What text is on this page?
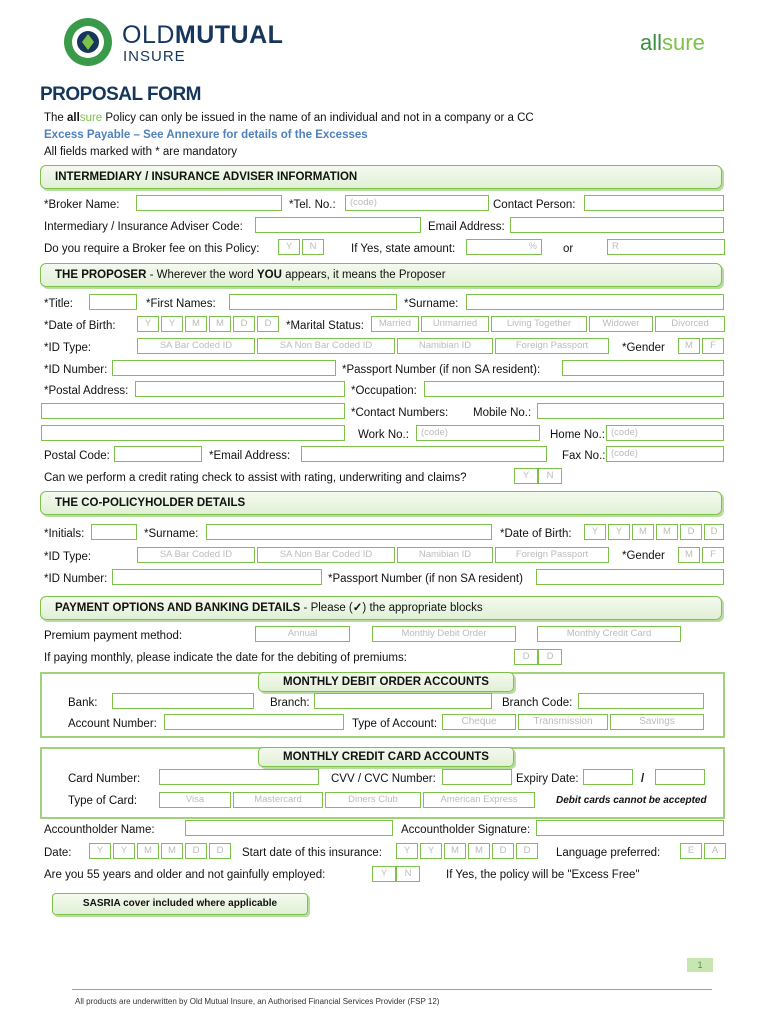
OLDMUTUAL
INSURE
allsure
PROPOSAL FORM
The allsure Policy can only be issued in the name of an individual and not in a company or a CC
Excess Payable – See Annexure for details of the Excesses
All fields marked with * are mandatory
INTERMEDIARY / INSURANCE ADVISER INFORMATION
*Broker Name:	*Tel. No.:	(code)	Contact Person:
Intermediary / Insurance Adviser Code:	Email Address:
Do you require a Broker fee on this Policy:	Y	N	If Yes, state amount:	%	or	R
THE PROPOSER - Wherever the word YOU appears, it means the Proposer
*Title:	*First Names:	*Surname:
*Date of Birth:	Y	Y	M	M	D	D	*Marital Status:	Married	Unmarried	Living Together	Widower	Divorced
*ID Type:	SA Bar Coded ID	SA Non Bar Coded ID	Namibian ID	Foreign Passport	*Gender	M	F
*ID Number:	*Passport Number (if non SA resident):
*Postal Address:	*Occupation:
*Contact Numbers: Mobile No.:
Work No.:	(code)	Home No.: (code)
Postal Code:	*Email Address:	Fax No.: (code)
Can we perform a credit rating check to assist with rating, underwriting and claims?	Y	N
THE CO-POLICYHOLDER DETAILS
*Initials:	*Surname:	*Date of Birth:	Y	Y	M	M	D	D
*ID Type:	SA Bar Coded ID	SA Non Bar Coded ID	Namibian ID	Foreign Passport	*Gender	M	F
*ID Number:	*Passport Number (if non SA resident)
PAYMENT OPTIONS AND BANKING DETAILS - Please (✓) the appropriate blocks
Premium payment method:	Annual	Monthly Debit Order	Monthly Credit Card
If paying monthly, please indicate the date for the debiting of premiums:	D	D
MONTHLY DEBIT ORDER ACCOUNTS
Bank:	Branch:	Branch Code:
Account Number:	Type of Account:	Cheque	Transmission	Savings
MONTHLY CREDIT CARD ACCOUNTS
Card Number:	CVV / CVC Number:	Expiry Date:	/
Type of Card:	Visa	Mastercard	Diners Club	American Express	Debit cards cannot be accepted
Accountholder Name:	Accountholder Signature:
Date:	Y	Y	M	M	D	D	Start date of this insurance:	Y	Y	M	M	D	D	Language preferred:	E	A
Are you 55 years and older and not gainfully employed:	Y	N	If Yes, the policy will be "Excess Free"
SASRIA cover included where applicable
1
All products are underwritten by Old Mutual Insure, an Authorised Financial Services Provider (FSP 12)
